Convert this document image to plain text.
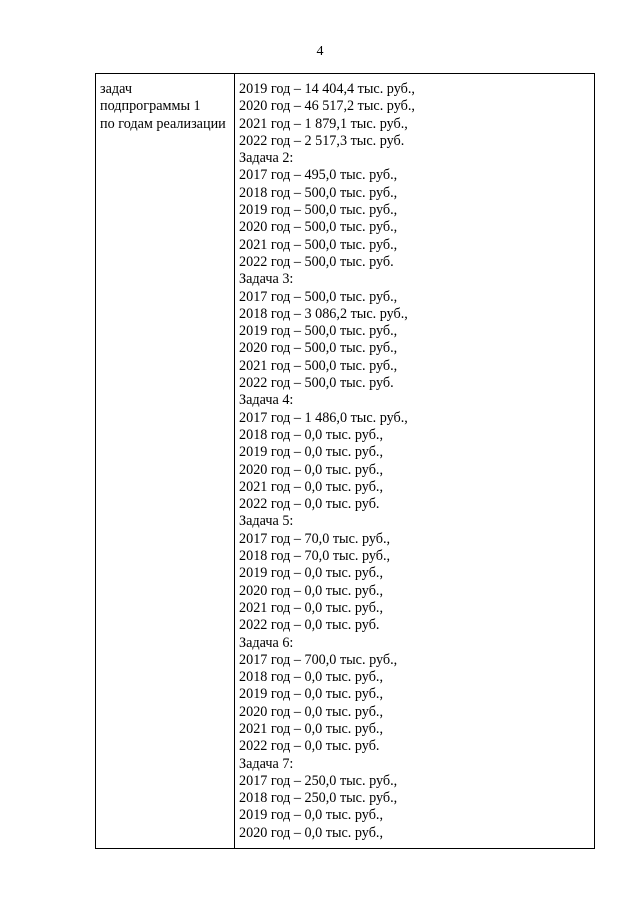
4
задач
подпрограммы 1
по годам реализации
2019 год – 14 404,4 тыс. руб.,
2020 год – 46 517,2 тыс. руб.,
2021 год – 1 879,1 тыс. руб.,
2022 год – 2 517,3 тыс. руб.
Задача 2:
2017 год – 495,0 тыс. руб.,
2018 год – 500,0 тыс. руб.,
2019 год – 500,0 тыс. руб.,
2020 год – 500,0 тыс. руб.,
2021 год – 500,0 тыс. руб.,
2022 год – 500,0 тыс. руб.
Задача 3:
2017 год – 500,0 тыс. руб.,
2018 год – 3 086,2 тыс. руб.,
2019 год – 500,0 тыс. руб.,
2020 год – 500,0 тыс. руб.,
2021 год – 500,0 тыс. руб.,
2022 год – 500,0 тыс. руб.
Задача 4:
2017 год – 1 486,0 тыс. руб.,
2018 год – 0,0 тыс. руб.,
2019 год – 0,0 тыс. руб.,
2020 год – 0,0 тыс. руб.,
2021 год – 0,0 тыс. руб.,
2022 год – 0,0 тыс. руб.
Задача 5:
2017 год – 70,0 тыс. руб.,
2018 год – 70,0 тыс. руб.,
2019 год – 0,0 тыс. руб.,
2020 год – 0,0 тыс. руб.,
2021 год – 0,0 тыс. руб.,
2022 год – 0,0 тыс. руб.
Задача 6:
2017 год – 700,0 тыс. руб.,
2018 год – 0,0 тыс. руб.,
2019 год – 0,0 тыс. руб.,
2020 год – 0,0 тыс. руб.,
2021 год – 0,0 тыс. руб.,
2022 год – 0,0 тыс. руб.
Задача 7:
2017 год – 250,0 тыс. руб.,
2018 год – 250,0 тыс. руб.,
2019 год – 0,0 тыс. руб.,
2020 год – 0,0 тыс. руб.,
